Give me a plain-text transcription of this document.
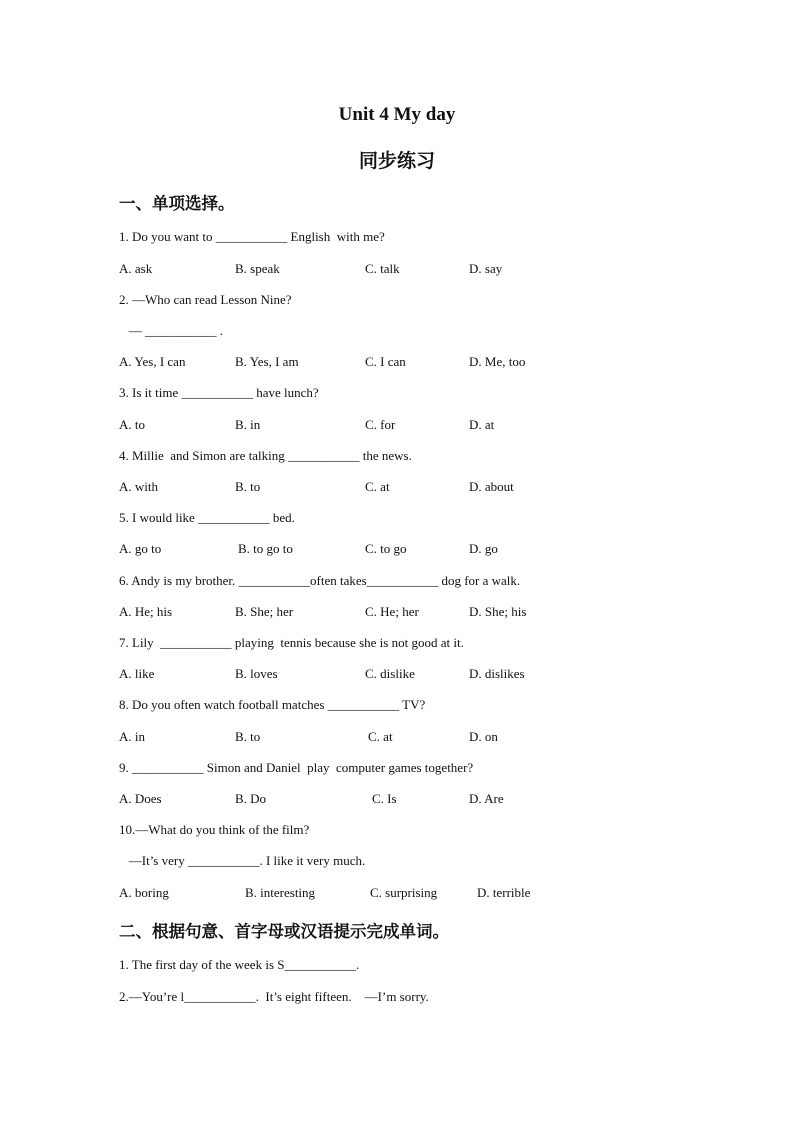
Unit 4 My day
同步练习
一、单项选择。
1. Do you want to ___________ English  with me?
A. ask	B. speak	C. talk	D. say
2. —Who can read Lesson Nine?
— ___________ .
A. Yes, I can	B. Yes, I am	C. I can	D. Me, too
3. Is it time ___________ have lunch?
A. to	B. in	C. for	D. at
4. Millie  and Simon are talking ___________ the news.
A. with	B. to	C. at	D. about
5. I would like ___________ bed.
A. go to	B. to go to	C. to go	D. go
6. Andy is my brother. ___________often takes___________ dog for a walk.
A. He; his	B. She; her	C. He; her	D. She; his
7. Lily  ___________ playing  tennis because she is not good at it.
A. like	B. loves	C. dislike	D. dislikes
8. Do you often watch football matches ___________ TV?
A. in	B. to	C. at	D. on
9. ___________ Simon and Daniel  play  computer games together?
A. Does	B. Do	C. Is	D. Are
10.—What do you think of the film?
—It’s very ___________. I like it very much.
A. boring	B. interesting	C. surprising	D. terrible
二、根据句意、首字母或汉语提示完成单词。
1. The first day of the week is S___________.
2.—You’re l___________.  It’s eight fifteen.    —I’m sorry.
